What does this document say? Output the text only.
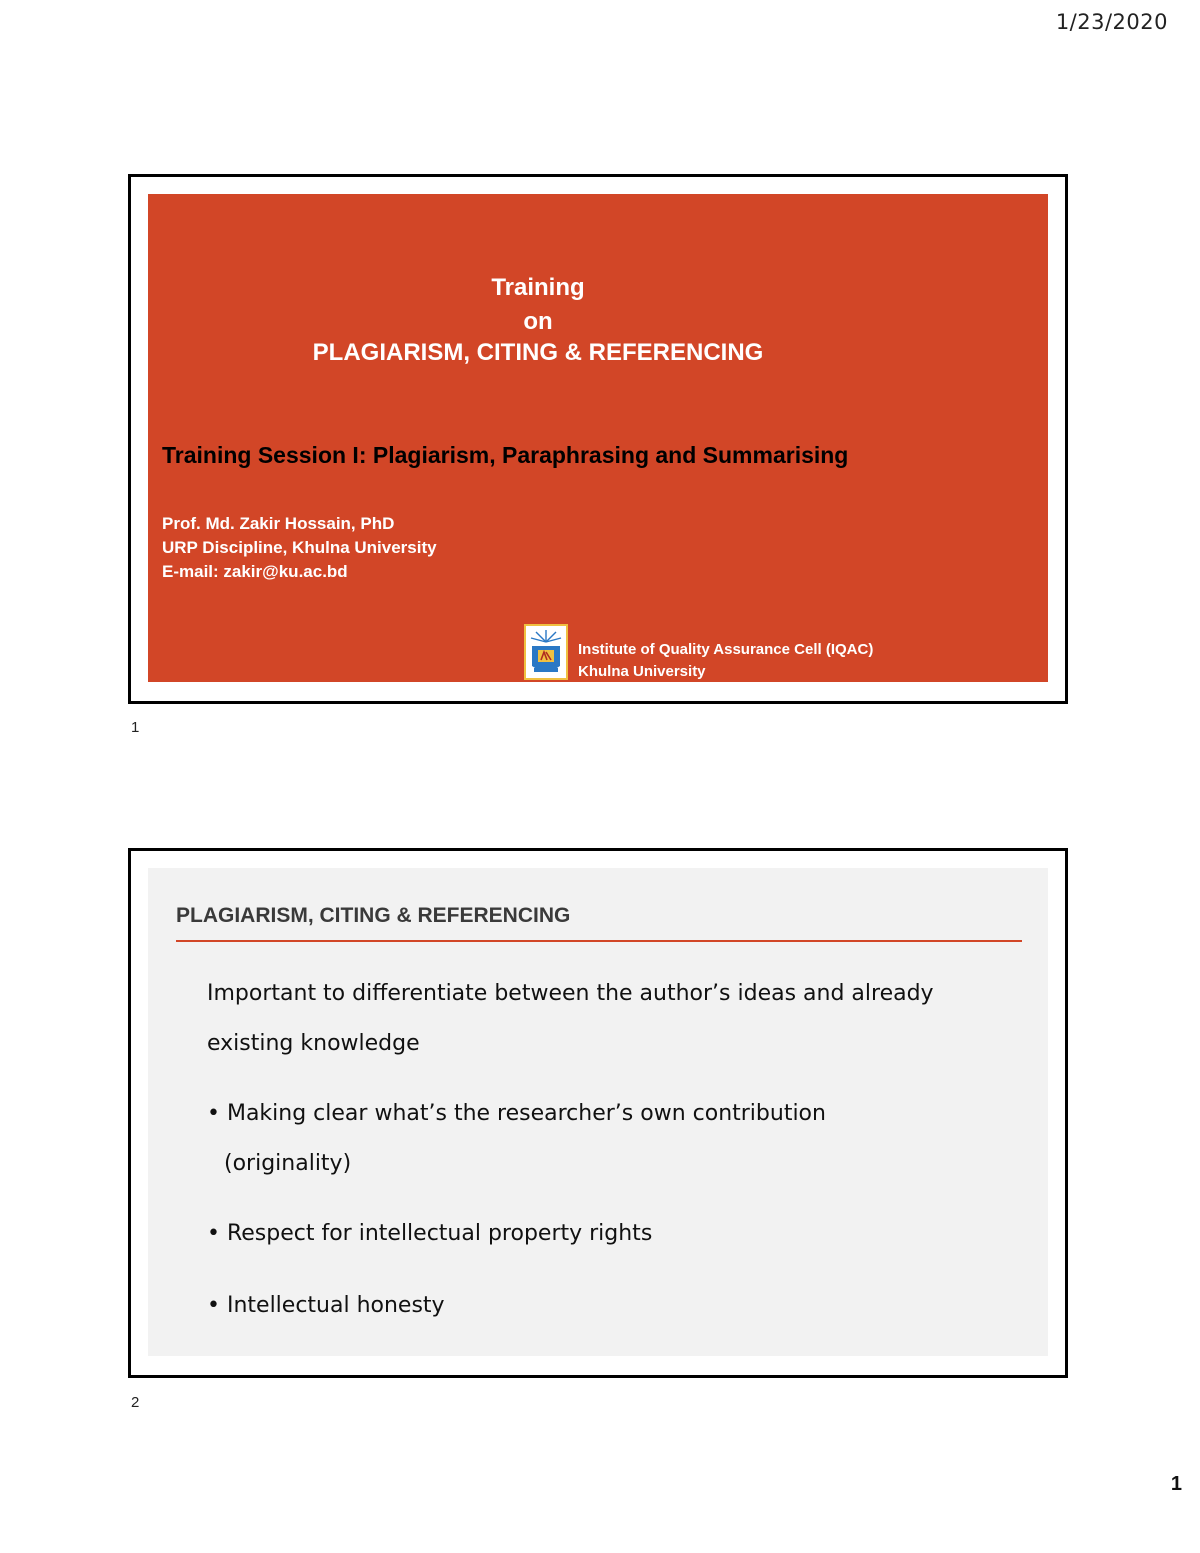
1/23/2020
Training
on
PLAGIARISM, CITING & REFERENCING
Training Session I: Plagiarism, Paraphrasing and Summarising
Prof. Md. Zakir Hossain, PhD
URP Discipline, Khulna University
E-mail: zakir@ku.ac.bd
Institute of Quality Assurance Cell (IQAC)
Khulna University
1
PLAGIARISM, CITING & REFERENCING
Important to differentiate between the author’s ideas and already
existing knowledge
• Making clear what’s the researcher’s own contribution
(originality)
• Respect for intellectual property rights
• Intellectual honesty
2
1
